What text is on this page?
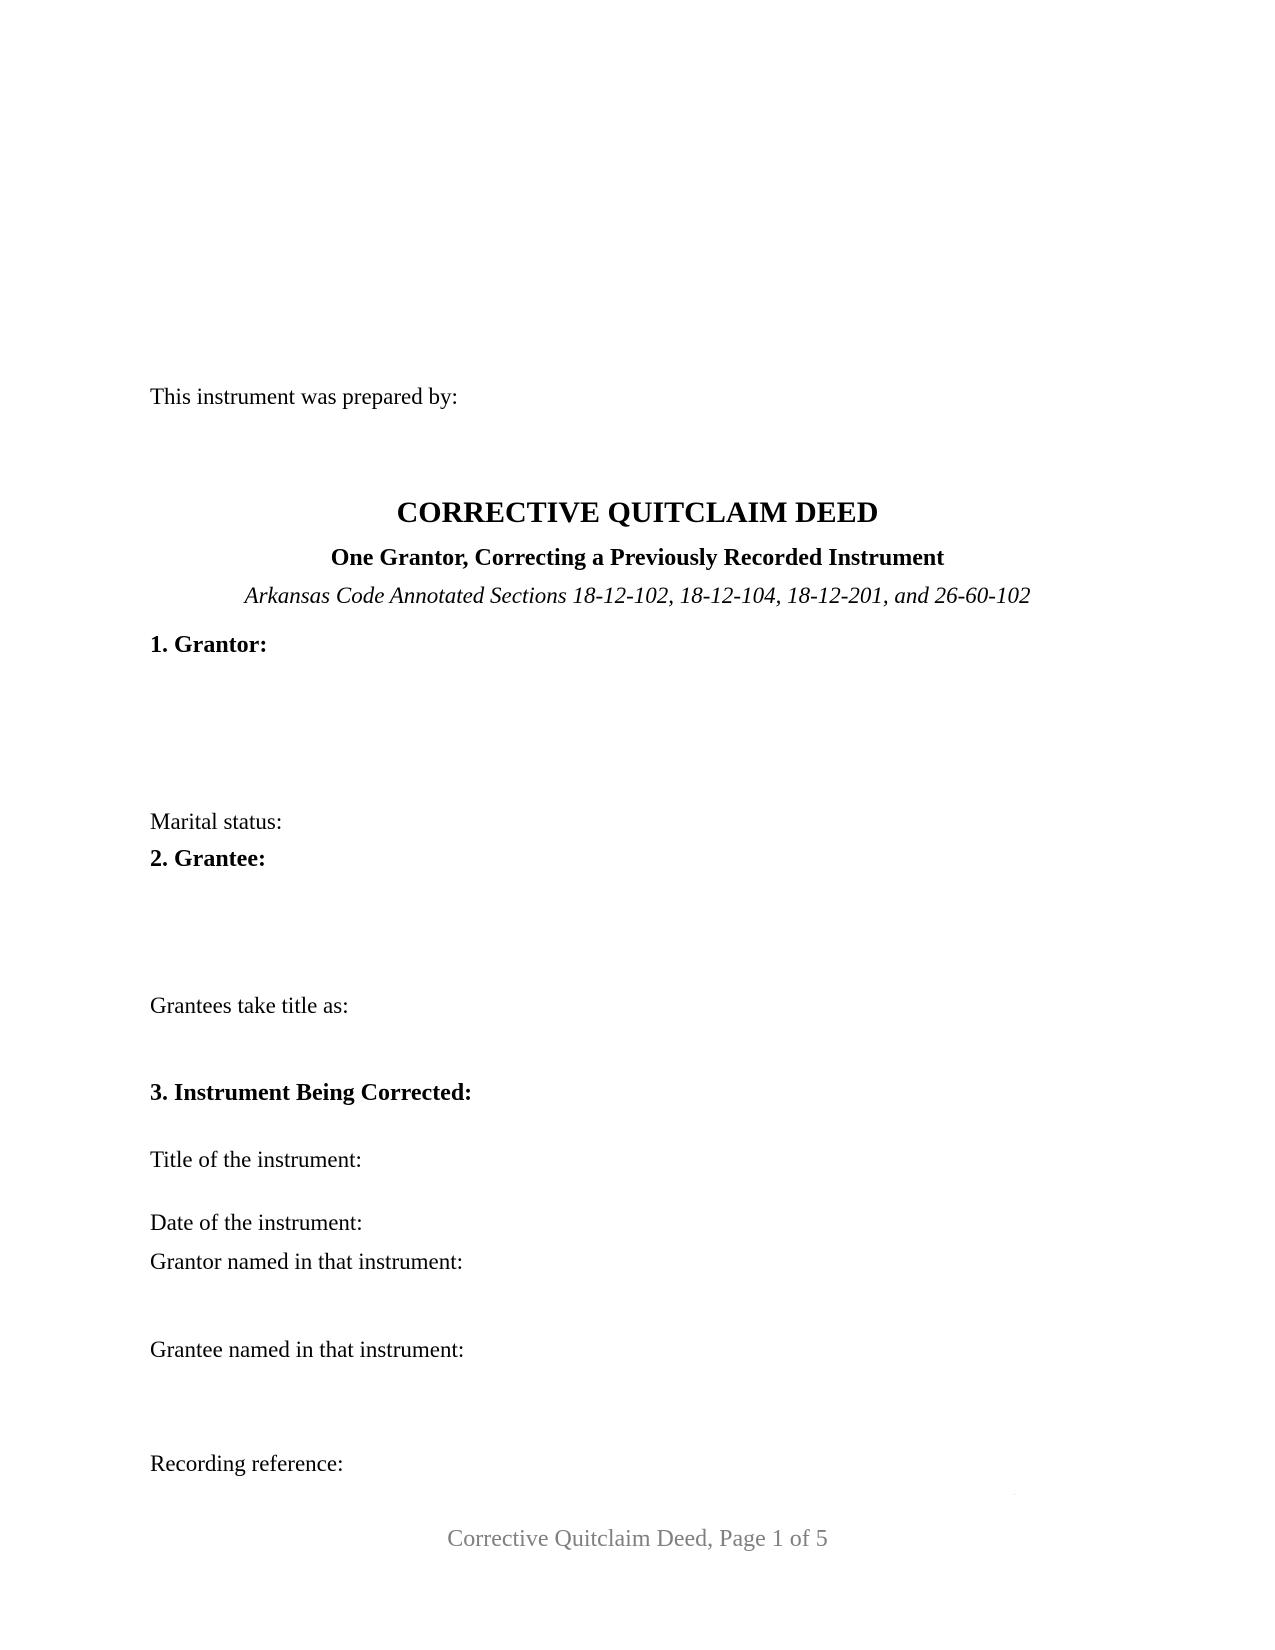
This instrument was prepared by:

CORRECTIVE QUITCLAIM DEED
One Grantor, Correcting a Previously Recorded Instrument

Arkansas Code Annotated Sections 18-12-102, 18-12-104, 18-12-201, and 26-60-102

1. Grantor:

Marital status:

2. Grantee:

Grantees take title as:

3. Instrument Being Corrected:

Title of the instrument:

Date of the instrument:

Grantor named in that instrument:

Grantee named in that instrument:

Recording reference:

Corrective Quitclaim Deed, Page 1 of 5
